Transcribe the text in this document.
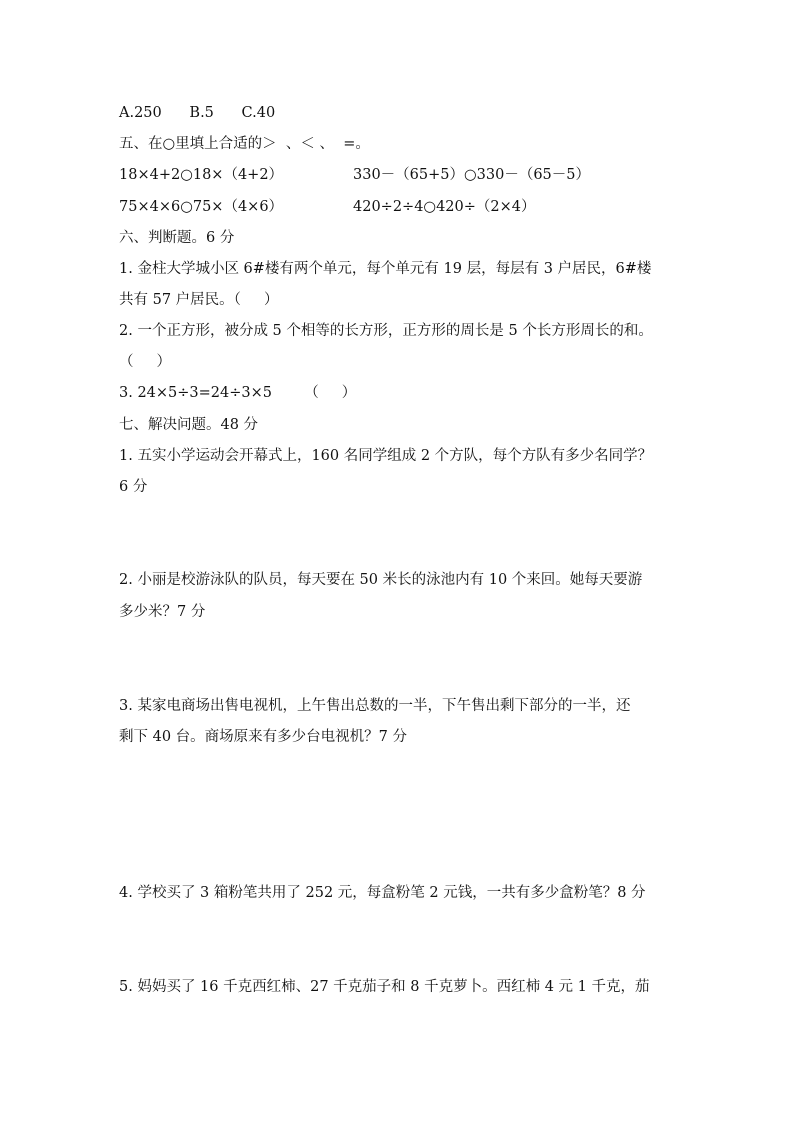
A.250      B.5      C.40
五、在○里填上合适的＞  、＜ 、  =。
18×4+2○18×（4+2）	330－（65+5）○330－（65－5）
75×4×6○75×（4×6）	420÷2÷4○420÷（2×4）
六、判断题。6 分
1. 金柱大学城小区 6#楼有两个单元，每个单元有 19 层，每层有 3 户居民，6#楼
共有 57 户居民。（     ）
2. 一个正方形，被分成 5 个相等的长方形，正方形的周长是 5 个长方形周长的和。
（     ）
3. 24×5÷3=24÷3×5       （     ）
七、解决问题。48 分
1. 五实小学运动会开幕式上，160 名同学组成 2 个方队，每个方队有多少名同学？
6 分
2. 小丽是校游泳队的队员，每天要在 50 米长的泳池内有 10 个来回。她每天要游
多少米？7 分
3. 某家电商场出售电视机，上午售出总数的一半，下午售出剩下部分的一半，还
剩下 40 台。商场原来有多少台电视机？7 分
4. 学校买了 3 箱粉笔共用了 252 元，每盒粉笔 2 元钱，一共有多少盒粉笔？8 分
5. 妈妈买了 16 千克西红柿、27 千克茄子和 8 千克萝卜。西红柿 4 元 1 千克，茄
